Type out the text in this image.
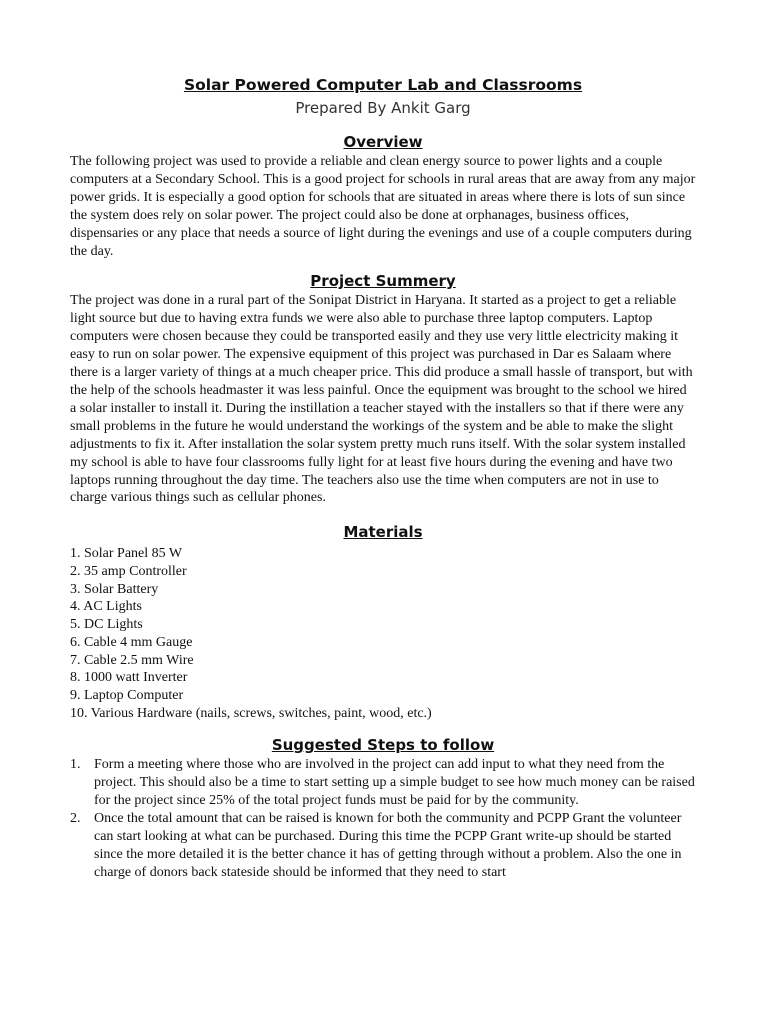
Solar Powered Computer Lab and Classrooms

Prepared By Ankit Garg

Overview

The following project was used to provide a reliable and clean energy source to power lights and a couple computers at a Secondary School. This is a good project for schools in rural areas that are away from any major power grids. It is especially a good option for schools that are situated in areas where there is lots of sun since the system does rely on solar power. The project could also be done at orphanages, business offices, dispensaries or any place that needs a source of light during the evenings and use of a couple computers during the day.

Project Summery

The project was done in a rural part of the Sonipat District in Haryana. It started as a project to get a reliable light source but due to having extra funds we were also able to purchase three laptop computers. Laptop computers were chosen because they could be transported easily and they use very little electricity making it easy to run on solar power. The expensive equipment of this project was purchased in Dar es Salaam where there is a larger variety of things at a much cheaper price. This did produce a small hassle of transport, but with the help of the schools headmaster it was less painful. Once the equipment was brought to the school we hired a solar installer to install it. During the instillation a teacher stayed with the installers so that if there were any small problems in the future he would understand the workings of the system and be able to make the slight adjustments to fix it. After installation the solar system pretty much runs itself. With the solar system installed my school is able to have four classrooms fully light for at least five hours during the evening and have two laptops running throughout the day time. The teachers also use the time when computers are not in use to charge various things such as cellular phones.

Materials
1. Solar Panel 85 W
2. 35 amp Controller
3. Solar Battery
4. AC Lights
5. DC Lights
6. Cable 4 mm Gauge
7. Cable 2.5 mm Wire
8. 1000 watt Inverter
9. Laptop Computer
10. Various Hardware (nails, screws, switches, paint, wood, etc.)
Suggested Steps to follow
1. Form a meeting where those who are involved in the project can add input to what they need from the project. This should also be a time to start setting up a simple budget to see how much money can be raised for the project since 25% of the total project funds must be paid for by the community.
2. Once the total amount that can be raised is known for both the community and PCPP Grant the volunteer can start looking at what can be purchased. During this time the PCPP Grant write-up should be started since the more detailed it is the better chance it has of getting through without a problem. Also the one in charge of donors back stateside should be informed that they need to start
